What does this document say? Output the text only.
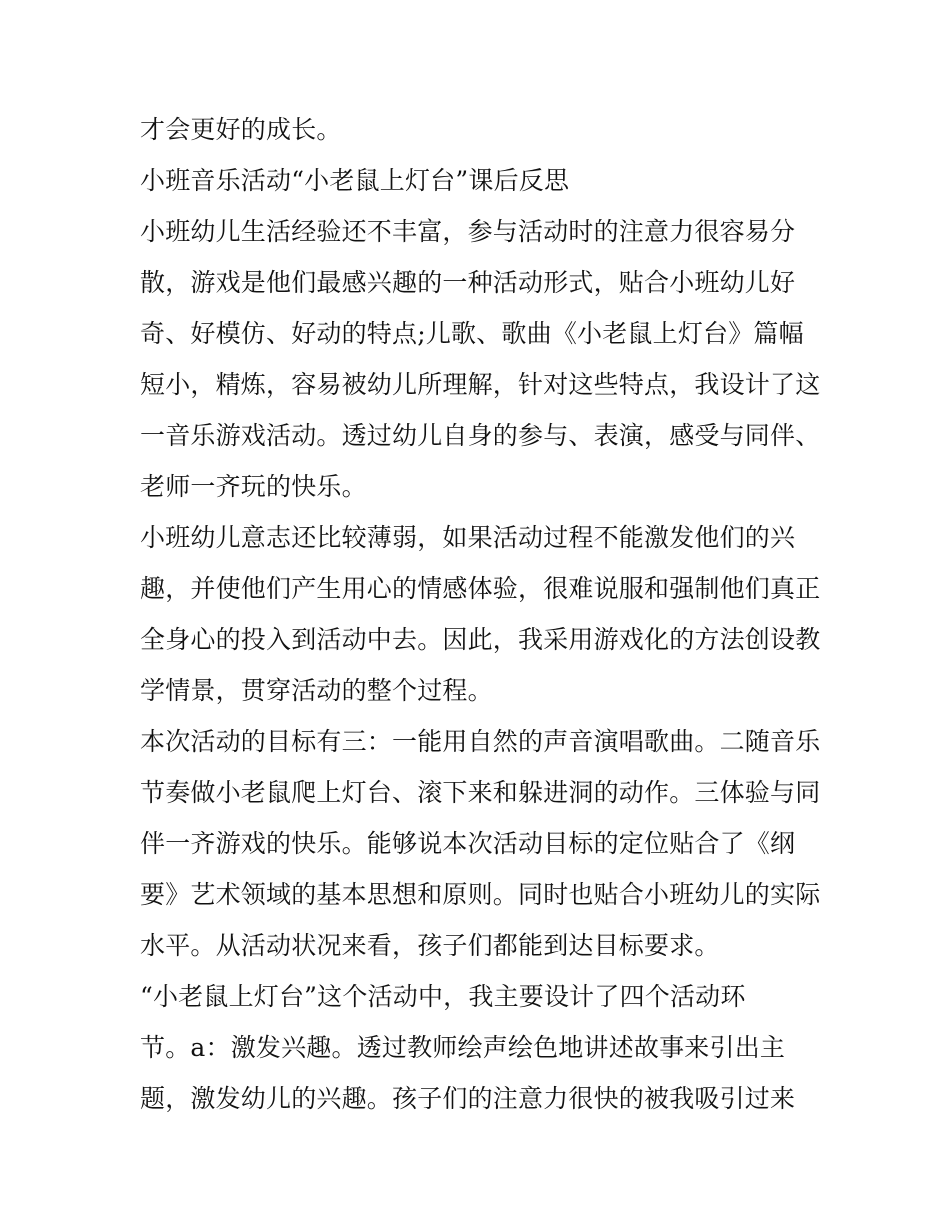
才会更好的成长。
小班音乐活动“小老鼠上灯台”课后反思
小班幼儿生活经验还不丰富，参与活动时的注意力很容易分
散，游戏是他们最感兴趣的一种活动形式，贴合小班幼儿好
奇、好模仿、好动的特点;儿歌、歌曲《小老鼠上灯台》篇幅
短小，精炼，容易被幼儿所理解，针对这些特点，我设计了这
一音乐游戏活动。透过幼儿自身的参与、表演，感受与同伴、
老师一齐玩的快乐。
小班幼儿意志还比较薄弱，如果活动过程不能激发他们的兴
趣，并使他们产生用心的情感体验，很难说服和强制他们真正
全身心的投入到活动中去。因此，我采用游戏化的方法创设教
学情景，贯穿活动的整个过程。
本次活动的目标有三：一能用自然的声音演唱歌曲。二随音乐
节奏做小老鼠爬上灯台、滚下来和躲进洞的动作。三体验与同
伴一齐游戏的快乐。能够说本次活动目标的定位贴合了《纲
要》艺术领域的基本思想和原则。同时也贴合小班幼儿的实际
水平。从活动状况来看，孩子们都能到达目标要求。
“小老鼠上灯台”这个活动中，我主要设计了四个活动环
节。a：激发兴趣。透过教师绘声绘色地讲述故事来引出主
题，激发幼儿的兴趣。孩子们的注意力很快的被我吸引过来
